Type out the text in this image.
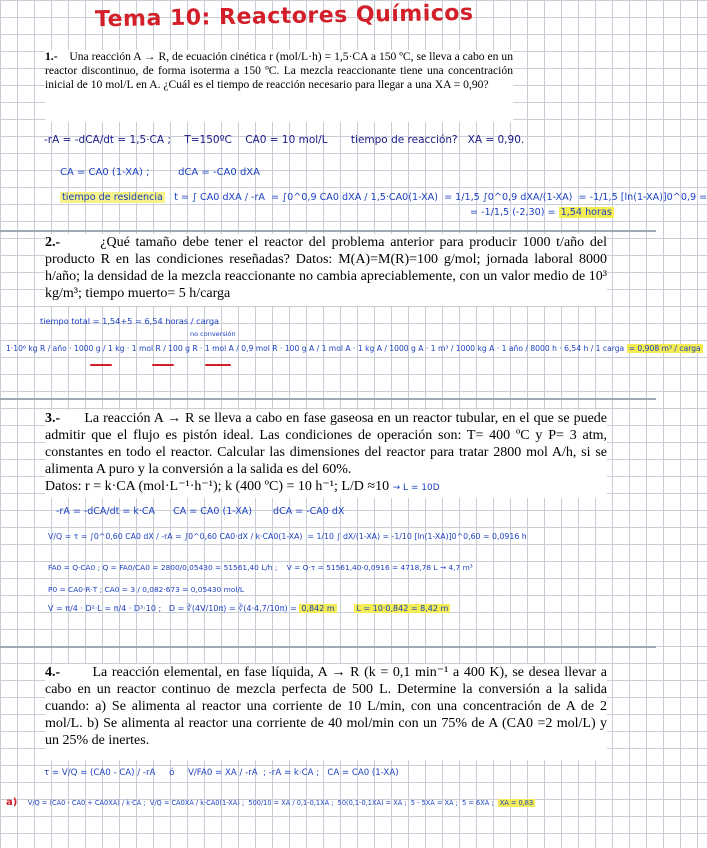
Tema 10: Reactores Químicos
1.- Una reacción A → R, de ecuación cinética r (mol/L·h) = 1,5·CA a 150 ºC, se lleva a cabo en un reactor discontinuo, de forma isoterma a 150 ºC. La mezcla reaccionante tiene una concentración inicial de 10 mol/L en A. ¿Cuál es el tiempo de reacción necesario para llegar a una XA = 0,90?
-rA = -dCA/dt = 1,5·CA ; T=150ºC CA0 = 10 mol/L tiempo de reacción? XA = 0,90.
CA = CA0 (1-XA) ;	dCA = -CA0 dXA
tiempo de residencia t = ∫ CA0 dXA / -rA = ∫0^0,9 CA0 dXA / 1,5·CA0(1-XA) = 1/1,5 ∫0^0,9 dXA/(1-XA) = -1/1,5 [ln(1-XA)]0^0,9 =
= -1/1,5 (-2,30) = 1,54 horas
2.-	¿Qué tamaño debe tener el reactor del problema anterior para producir 1000 t/año del producto R en las condiciones reseñadas? Datos: M(A)=M(R)=100 g/mol; jornada laboral 8000 h/año; la densidad de la mezcla reaccionante no cambia apreciablemente, con un valor medio de 10³ kg/m³; tiempo muerto= 5 h/carga
tiempo total = 1,54+5 = 6,54 horas / carga
no conversión
1·10⁶ kg R / año · 1000 g / 1 kg · 1 mol R / 100 g R · 1 mol A / 0,9 mol R · 100 g A / 1 mol A · 1 kg A / 1000 g A · 1 m³ / 1000 kg A · 1 año / 8000 h · 6,54 h / 1 carga = 0,908 m³ / carga
3.- La reacción A → R se lleva a cabo en fase gaseosa en un reactor tubular, en el que se puede admitir que el flujo es pistón ideal. Las condiciones de operación son: T= 400 ºC y P= 3 atm, constantes en todo el reactor. Calcular las dimensiones del reactor para tratar 2800 mol A/h, si se alimenta A puro y la conversión a la salida es del 60%.
Datos: r = k·CA (mol·L⁻¹·h⁻¹); k (400 ºC) = 10 h⁻¹; L/D ≈10 → L = 10D
-rA = -dCA/dt = k·CA CA = CA0 (1-XA) dCA = -CA0 dX
V/Q = τ = ∫0^0,60 CA0 dX / -rA = ∫0^0,60 CA0·dX / k·CA0(1-XA) = 1/10 ∫ dX/(1-XA) = -1/10 [ln(1-XA)]0^0,60 = 0,0916 h
FA0 = Q·CA0 ; Q = FA0/CA0 = 2800/0,05430 = 51561,40 L/h ; V = Q·τ = 51561,40·0,0916 = 4718,78 L → 4,7 m³
P0 = CA0·R·T ; CA0 = 3 / 0,082·673 = 0,05430 mol/L
V = π/4 · D²·L = π/4 · D³·10 ; D = ∛(4V/10π) = ∛(4·4,7/10π) = 0,842 m	L = 10·0,842 = 8,42 m
4.- La reacción elemental, en fase líquida, A → R (k = 0,1 min⁻¹ a 400 K), se desea llevar a cabo en un reactor continuo de mezcla perfecta de 500 L. Determine la conversión a la salida cuando: a) Se alimenta al reactor una corriente de 10 L/min, con una concentración de A de 2 mol/L. b) Se alimenta al reactor una corriente de 40 mol/min con un 75% de A (CA0 =2 mol/L) y un 25% de inertes.
τ = V/Q = (CA0 - CA) / -rA ó V/FA0 = XA / -rA ; -rA = k·CA ; CA = CA0 (1-XA)
a) V/Q = (CA0 - CA0 + CA0XA) / k·CA ; V/Q = CA0XA / k·CA0(1-XA) ; 500/10 = XA / 0,1-0,1XA ; 50(0,1-0,1XA) = XA ; 5 - 5XA = XA ; 5 = 6XA ; XA = 0,83
